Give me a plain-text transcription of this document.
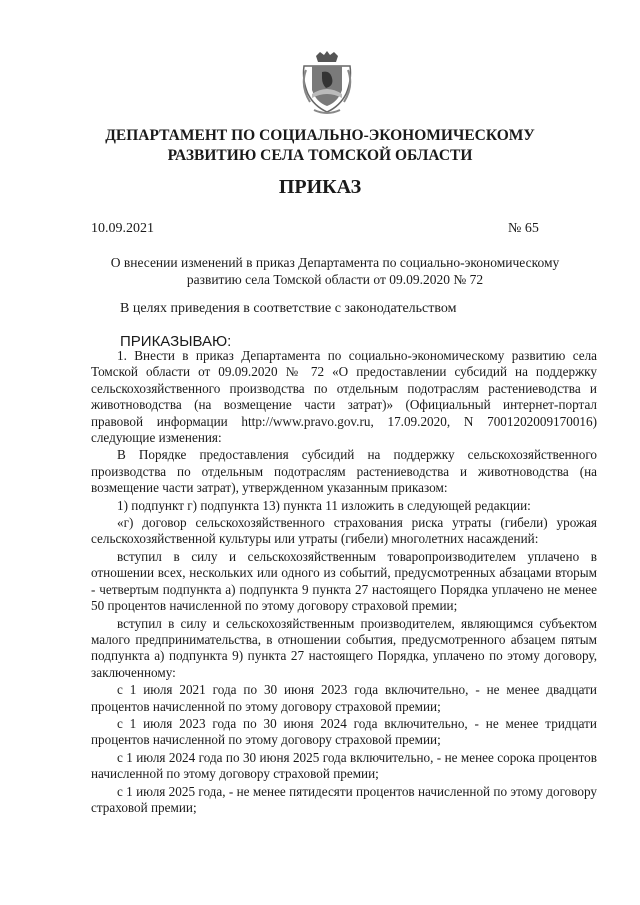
ДЕПАРТАМЕНТ ПО СОЦИАЛЬНО-ЭКОНОМИЧЕСКОМУ
РАЗВИТИЮ СЕЛА ТОМСКОЙ ОБЛАСТИ
ПРИКАЗ
10.09.2021	№ 65
О внесении изменений в приказ Департамента по социально-экономическому развитию села Томской области от 09.09.2020 № 72
В целях приведения в соответствие с законодательством
ПРИКАЗЫВАЮ:

1. Внести в приказ Департамента по социально-экономическому развитию села Томской области от 09.09.2020 № 72 «О предоставлении субсидий на поддержку сельскохозяйственного производства по отдельным подотраслям растениеводства и животноводства (на возмещение части затрат)» (Официальный интернет-портал правовой информации http://www.pravo.gov.ru, 17.09.2020, N 7001202009170016) следующие изменения:

В Порядке предоставления субсидий на поддержку сельскохозяйственного производства по отдельным подотраслям растениеводства и животноводства (на возмещение части затрат), утвержденном указанным приказом:

1) подпункт г) подпункта 13) пункта 11 изложить в следующей редакции:

«г) договор сельскохозяйственного страхования риска утраты (гибели) урожая сельскохозяйственной культуры или утраты (гибели) многолетних насаждений:

вступил в силу и сельскохозяйственным товаропроизводителем уплачено в отношении всех, нескольких или одного из событий, предусмотренных абзацами вторым - четвертым подпункта а) подпункта 9 пункта 27 настоящего Порядка уплачено не менее 50 процентов начисленной по этому договору страховой премии;

вступил в силу и сельскохозяйственным производителем, являющимся субъектом малого предпринимательства, в отношении события, предусмотренного абзацем пятым подпункта а) подпункта 9) пункта 27 настоящего Порядка, уплачено по этому договору, заключенному:

с 1 июля 2021 года по 30 июня 2023 года включительно, - не менее двадцати процентов начисленной по этому договору страховой премии;

с 1 июля 2023 года по 30 июня 2024 года включительно, - не менее тридцати процентов начисленной по этому договору страховой премии;

с 1 июля 2024 года по 30 июня 2025 года включительно, - не менее сорока процентов начисленной по этому договору страховой премии;

с 1 июля 2025 года, - не менее пятидесяти процентов начисленной по этому договору страховой премии;
